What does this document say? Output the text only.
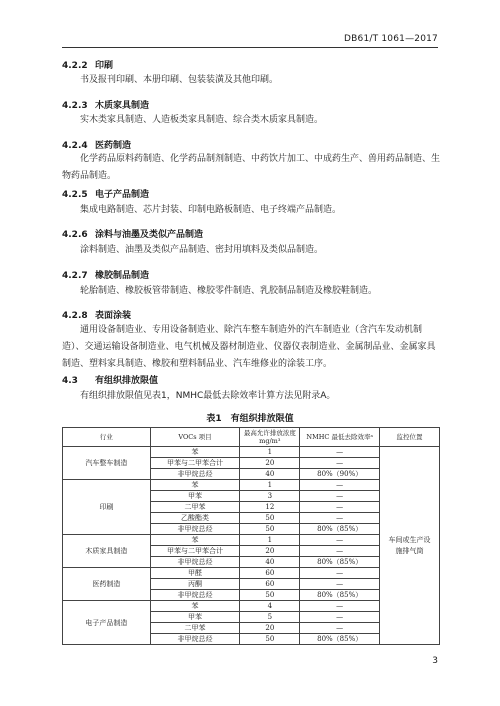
DB61/T 1061—2017
4.2.2 印刷
书及报刊印刷、本册印刷、包装装潢及其他印刷。
4.2.3 木质家具制造
实木类家具制造、人造板类家具制造、综合类木质家具制造。
4.2.4 医药制造
化学药品原料药制造、化学药品制剂制造、中药饮片加工、中成药生产、兽用药品制造、生物药品制造。
4.2.5 电子产品制造
集成电路制造、芯片封装、印制电路板制造、电子终端产品制造。
4.2.6 涂料与油墨及类似产品制造
涂料制造、油墨及类似产品制造、密封用填料及类似品制造。
4.2.7 橡胶制品制造
轮胎制造、橡胶板管带制造、橡胶零件制造、乳胶制品制造及橡胶鞋制造。
4.2.8 表面涂装
通用设备制造业、专用设备制造业、除汽车整车制造外的汽车制造业（含汽车发动机制造）、交通运输设备制造业、电气机械及器材制造业、仪器仪表制造业、金属制品业、金属家具制造、塑料家具制造、橡胶和塑料制品业、汽车维修业的涂装工序。
4.3 有组织排放限值
有组织排放限值见表1，NMHC最低去除效率计算方法见附录A。
表1　有组织排放限值
行业	VOCs 项目	最高允许排放浓度 mg/m³	NMHC 最低去除效率ᵃ	监控位置
汽车整车制造	苯	1	—	车间或生产设施排气筒
	甲苯与二甲苯合计	20	—	
	非甲烷总烃	40	80%（90%）	
印刷	苯	1	—	
	甲苯	3	—	
	二甲苯	12	—	
	乙酸酯类	50	—	
	非甲烷总烃	50	80%（85%）	
木质家具制造	苯	1	—	
	甲苯与二甲苯合计	20	—	
	非甲烷总烃	40	80%（85%）	
医药制造	甲醛	60	—	
	丙酮	60	—	
	非甲烷总烃	50	80%（85%）	
电子产品制造	苯	4	—	
	甲苯	5	—	
	二甲苯	20	—	
	非甲烷总烃	50	80%（85%）	
3
